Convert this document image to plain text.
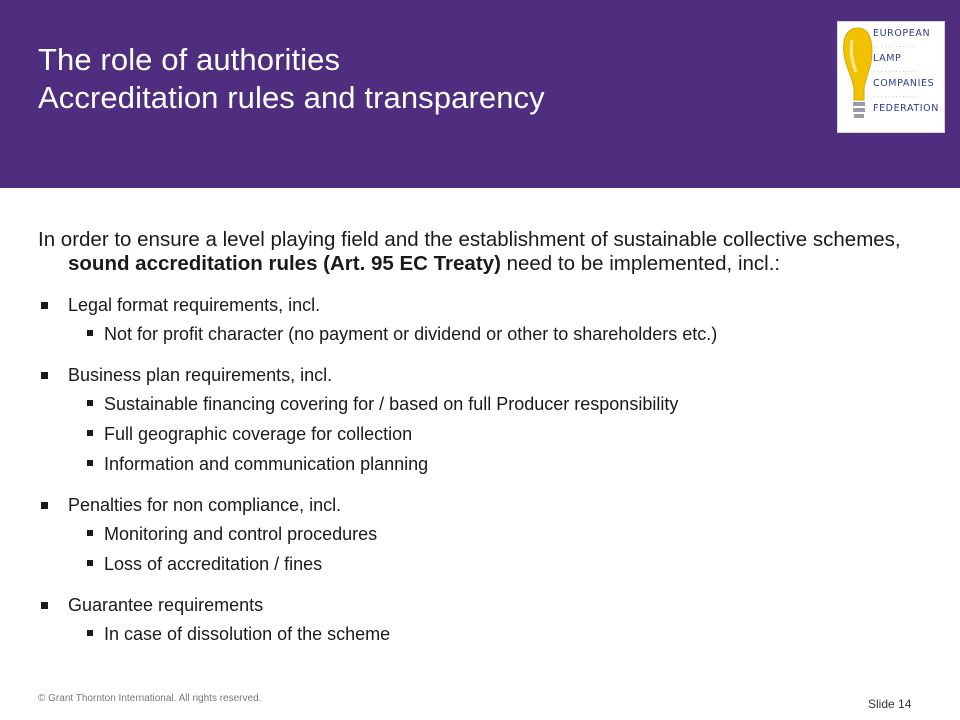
The role of authorities
Accreditation rules and transparency
EUROPEAN
············
LAMP
············
COMPANIES
············
FEDERATION

In order to ensure a level playing field and the establishment of sustainable collective schemes, sound accreditation rules (Art. 95 EC Treaty) need to be implemented, incl.:

Legal format requirements, incl.
Not for profit character (no payment or dividend or other to shareholders etc.)
Business plan requirements, incl.
Sustainable financing covering for / based on full Producer responsibility
Full geographic coverage for collection
Information and communication planning
Penalties for non compliance, incl.
Monitoring and control procedures
Loss of accreditation / fines
Guarantee requirements
In case of dissolution of the scheme
© Grant Thornton International. All rights reserved.	Slide 14
